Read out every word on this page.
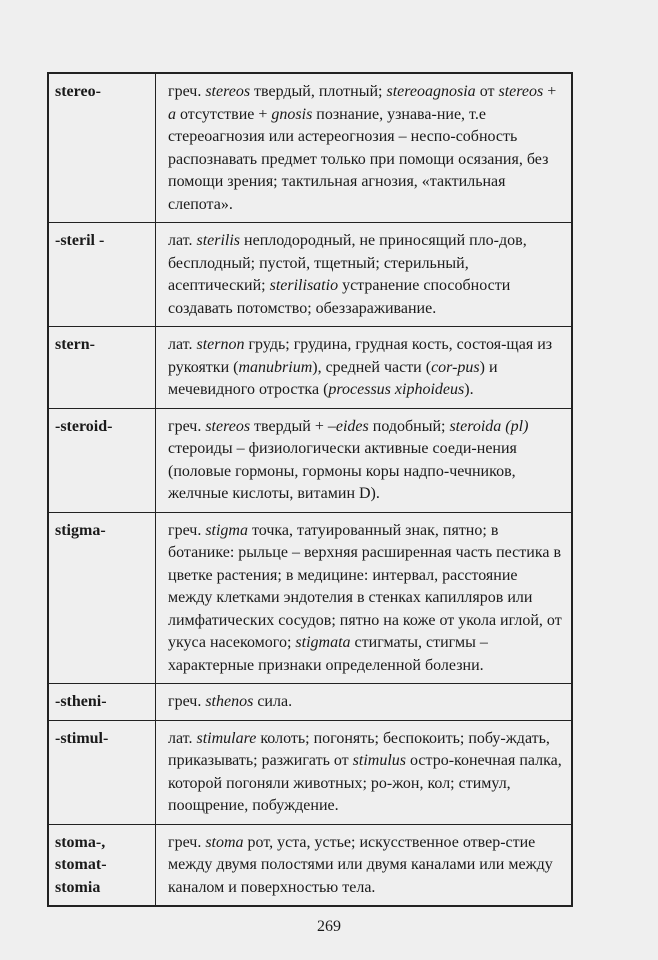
stereo-	греч. stereos твердый, плотный; stereoagnosia от stereos + a отсутствие + gnosis познание, узнава-ние, т.е стереоагнозия или астереогнозия – неспо-собность распознавать предмет только при помощи осязания, без помощи зрения; тактильная агнозия, «тактильная слепота».

-steril -	лат. sterilis неплодородный, не приносящий пло-дов, бесплодный; пустой, тщетный; стерильный, асептический; sterilisatio устранение способности создавать потомство; обеззараживание.

stern-	лат. sternon грудь; грудина, грудная кость, состоя-щая из рукоятки (manubrium), средней части (cor-pus) и мечевидного отростка (processus xiphoideus).

-steroid-	греч. stereos твердый + –eides подобный; steroida (pl) стероиды – физиологически активные соеди-нения (половые гормоны, гормоны коры надпо-чечников, желчные кислоты, витамин D).

stigma-	греч. stigma точка, татуированный знак, пятно; в ботанике: рыльце – верхняя расширенная часть пестика в цветке растения; в медицине: интервал, расстояние между клетками эндотелия в стенках капилляров или лимфатических сосудов; пятно на коже от укола иглой, от укуса насекомого; stigmata стигматы, стигмы – характерные признаки определенной болезни.

-stheni-	греч. sthenos сила.

-stimul-	лат. stimulare колоть; погонять; беспокоить; побу-ждать, приказывать; разжигать от stimulus остро-конечная палка, которой погоняли животных; ро-жон, кол; стимул, поощрение, побуждение.

stoma-,
stomat-
stomia	греч. stoma рот, уста, устье; искусственное отвер-стие между двумя полостями или двумя каналами или между каналом и поверхностью тела.
269
